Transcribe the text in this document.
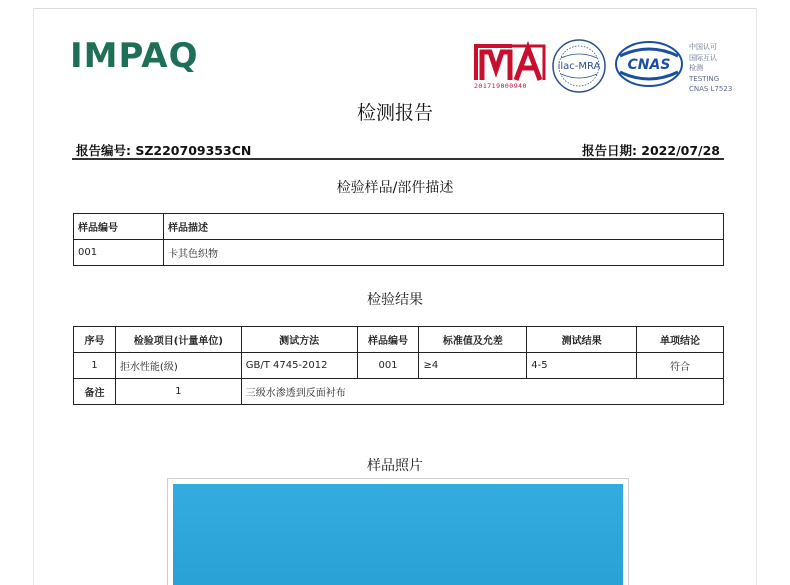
IMPAQ
201719000940
ilac-MRA CNAS
中国认可
国际互认
检测
TESTING
CNAS L7523
检测报告
报告编号: SZ220709353CN	报告日期: 2022/07/28
检验样品/部件描述
样品编号	样品描述
001	卡其色织物
检验结果
序号	检验项目(计量单位)	测试方法	样品编号	标准值及允差	测试结果	单项结论
1	拒水性能(级)	GB/T 4745-2012	001	≥4	4-5	符合
备注	1	三级水渗透到反面衬布				
样品照片
